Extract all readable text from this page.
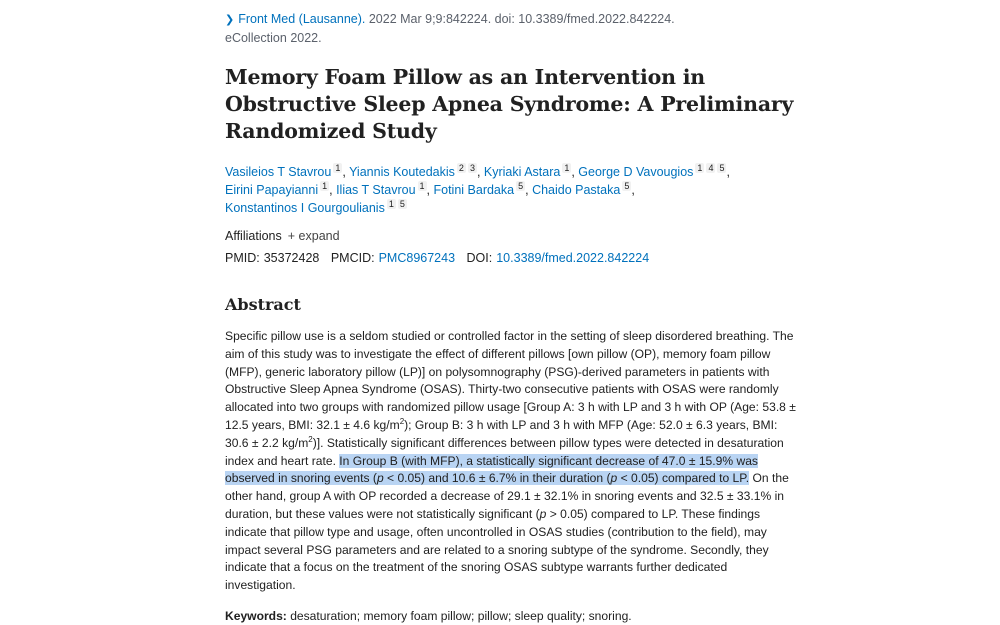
❯ Front Med (Lausanne). 2022 Mar 9;9:842224. doi: 10.3389/fmed.2022.842224.
eCollection 2022.
Memory Foam Pillow as an Intervention in Obstructive Sleep Apnea Syndrome: A Preliminary Randomized Study
Vasileios T Stavrou 1 , Yiannis Koutedakis 2 3 , Kyriaki Astara 1 , George D Vavougios 1 4 5 ,
Eirini Papayianni 1 , Ilias T Stavrou 1 , Fotini Bardaka 5 , Chaido Pastaka 5 ,
Konstantinos I Gourgoulianis 1 5
Affiliations + expand
PMID: 35372428 PMCID: PMC8967243 DOI: 10.3389/fmed.2022.842224
Abstract

Specific pillow use is a seldom studied or controlled factor in the setting of sleep disordered breathing. The aim of this study was to investigate the effect of different pillows [own pillow (OP), memory foam pillow (MFP), generic laboratory pillow (LP)] on polysomnography (PSG)-derived parameters in patients with Obstructive Sleep Apnea Syndrome (OSAS). Thirty-two consecutive patients with OSAS were randomly allocated into two groups with randomized pillow usage [Group A: 3 h with LP and 3 h with OP (Age: 53.8 ± 12.5 years, BMI: 32.1 ± 4.6 $kg/m^2$); Group B: 3 h with LP and 3 h with MFP (Age: 52.0 ± 6.3 years, BMI: 30.6 ± 2.2 $kg/m^2$)]. Statistically significant differences between pillow types were detected in desaturation index and heart rate. In Group B (with MFP), a statistically significant decrease of 47.0 ± 15.9% was observed in snoring events (p < 0.05) and 10.6 ± 6.7% in their duration (p < 0.05) compared to LP. On the other hand, group A with OP recorded a decrease of 29.1 ± 32.1% in snoring events and 32.5 ± 33.1% in duration, but these values were not statistically significant (p > 0.05) compared to LP. These findings indicate that pillow type and usage, often uncontrolled in OSAS studies (contribution to the field), may impact several PSG parameters and are related to a snoring subtype of the syndrome. Secondly, they indicate that a focus on the treatment of the snoring OSAS subtype warrants further dedicated investigation.

Keywords: desaturation; memory foam pillow; pillow; sleep quality; snoring.
